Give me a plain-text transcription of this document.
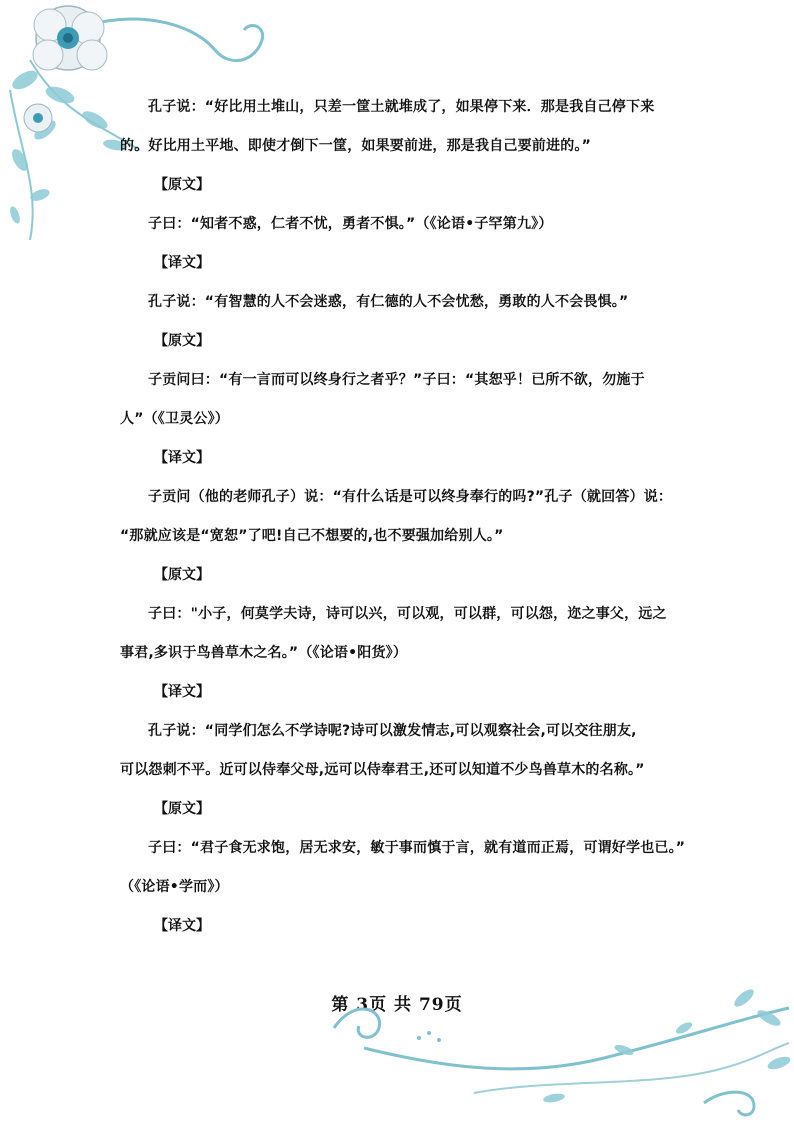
孔子说：“好比用土堆山，只差一筐土就堆成了，如果停下来．那是我自己停下来
的。好比用土平地、即使才倒下一筐，如果要前进，那是我自己要前进的。”
【原文】
子曰：“知者不惑，仁者不忧，勇者不惧。”（《论语•子罕第九》）
【译文】
孔子说：“有智慧的人不会迷惑，有仁德的人不会忧愁，勇敢的人不会畏惧。”
【原文】
子贡问曰：“有一言而可以终身行之者乎？”子曰：“其恕乎！已所不欲，勿施于
人”（《卫灵公》）
【译文】
子贡问（他的老师孔子）说：“有什么话是可以终身奉行的吗?”孔子（就回答）说：
“那就应该是“宽恕”了吧!自己不想要的,也不要强加给别人。”
【原文】
子曰："小子，何莫学夫诗，诗可以兴，可以观，可以群，可以怨，迩之事父，远之
事君,多识于鸟兽草木之名。”（《论语•阳货》）
【译文】
孔子说：“同学们怎么不学诗呢?诗可以激发情志,可以观察社会,可以交往朋友,
可以怨刺不平。近可以侍奉父母,远可以侍奉君王,还可以知道不少鸟兽草木的名称。”
【原文】
子曰：“君子食无求饱，居无求安，敏于事而慎于言，就有道而正焉，可谓好学也已。”
（《论语•学而》）
【译文】
第 3页 共 79页
